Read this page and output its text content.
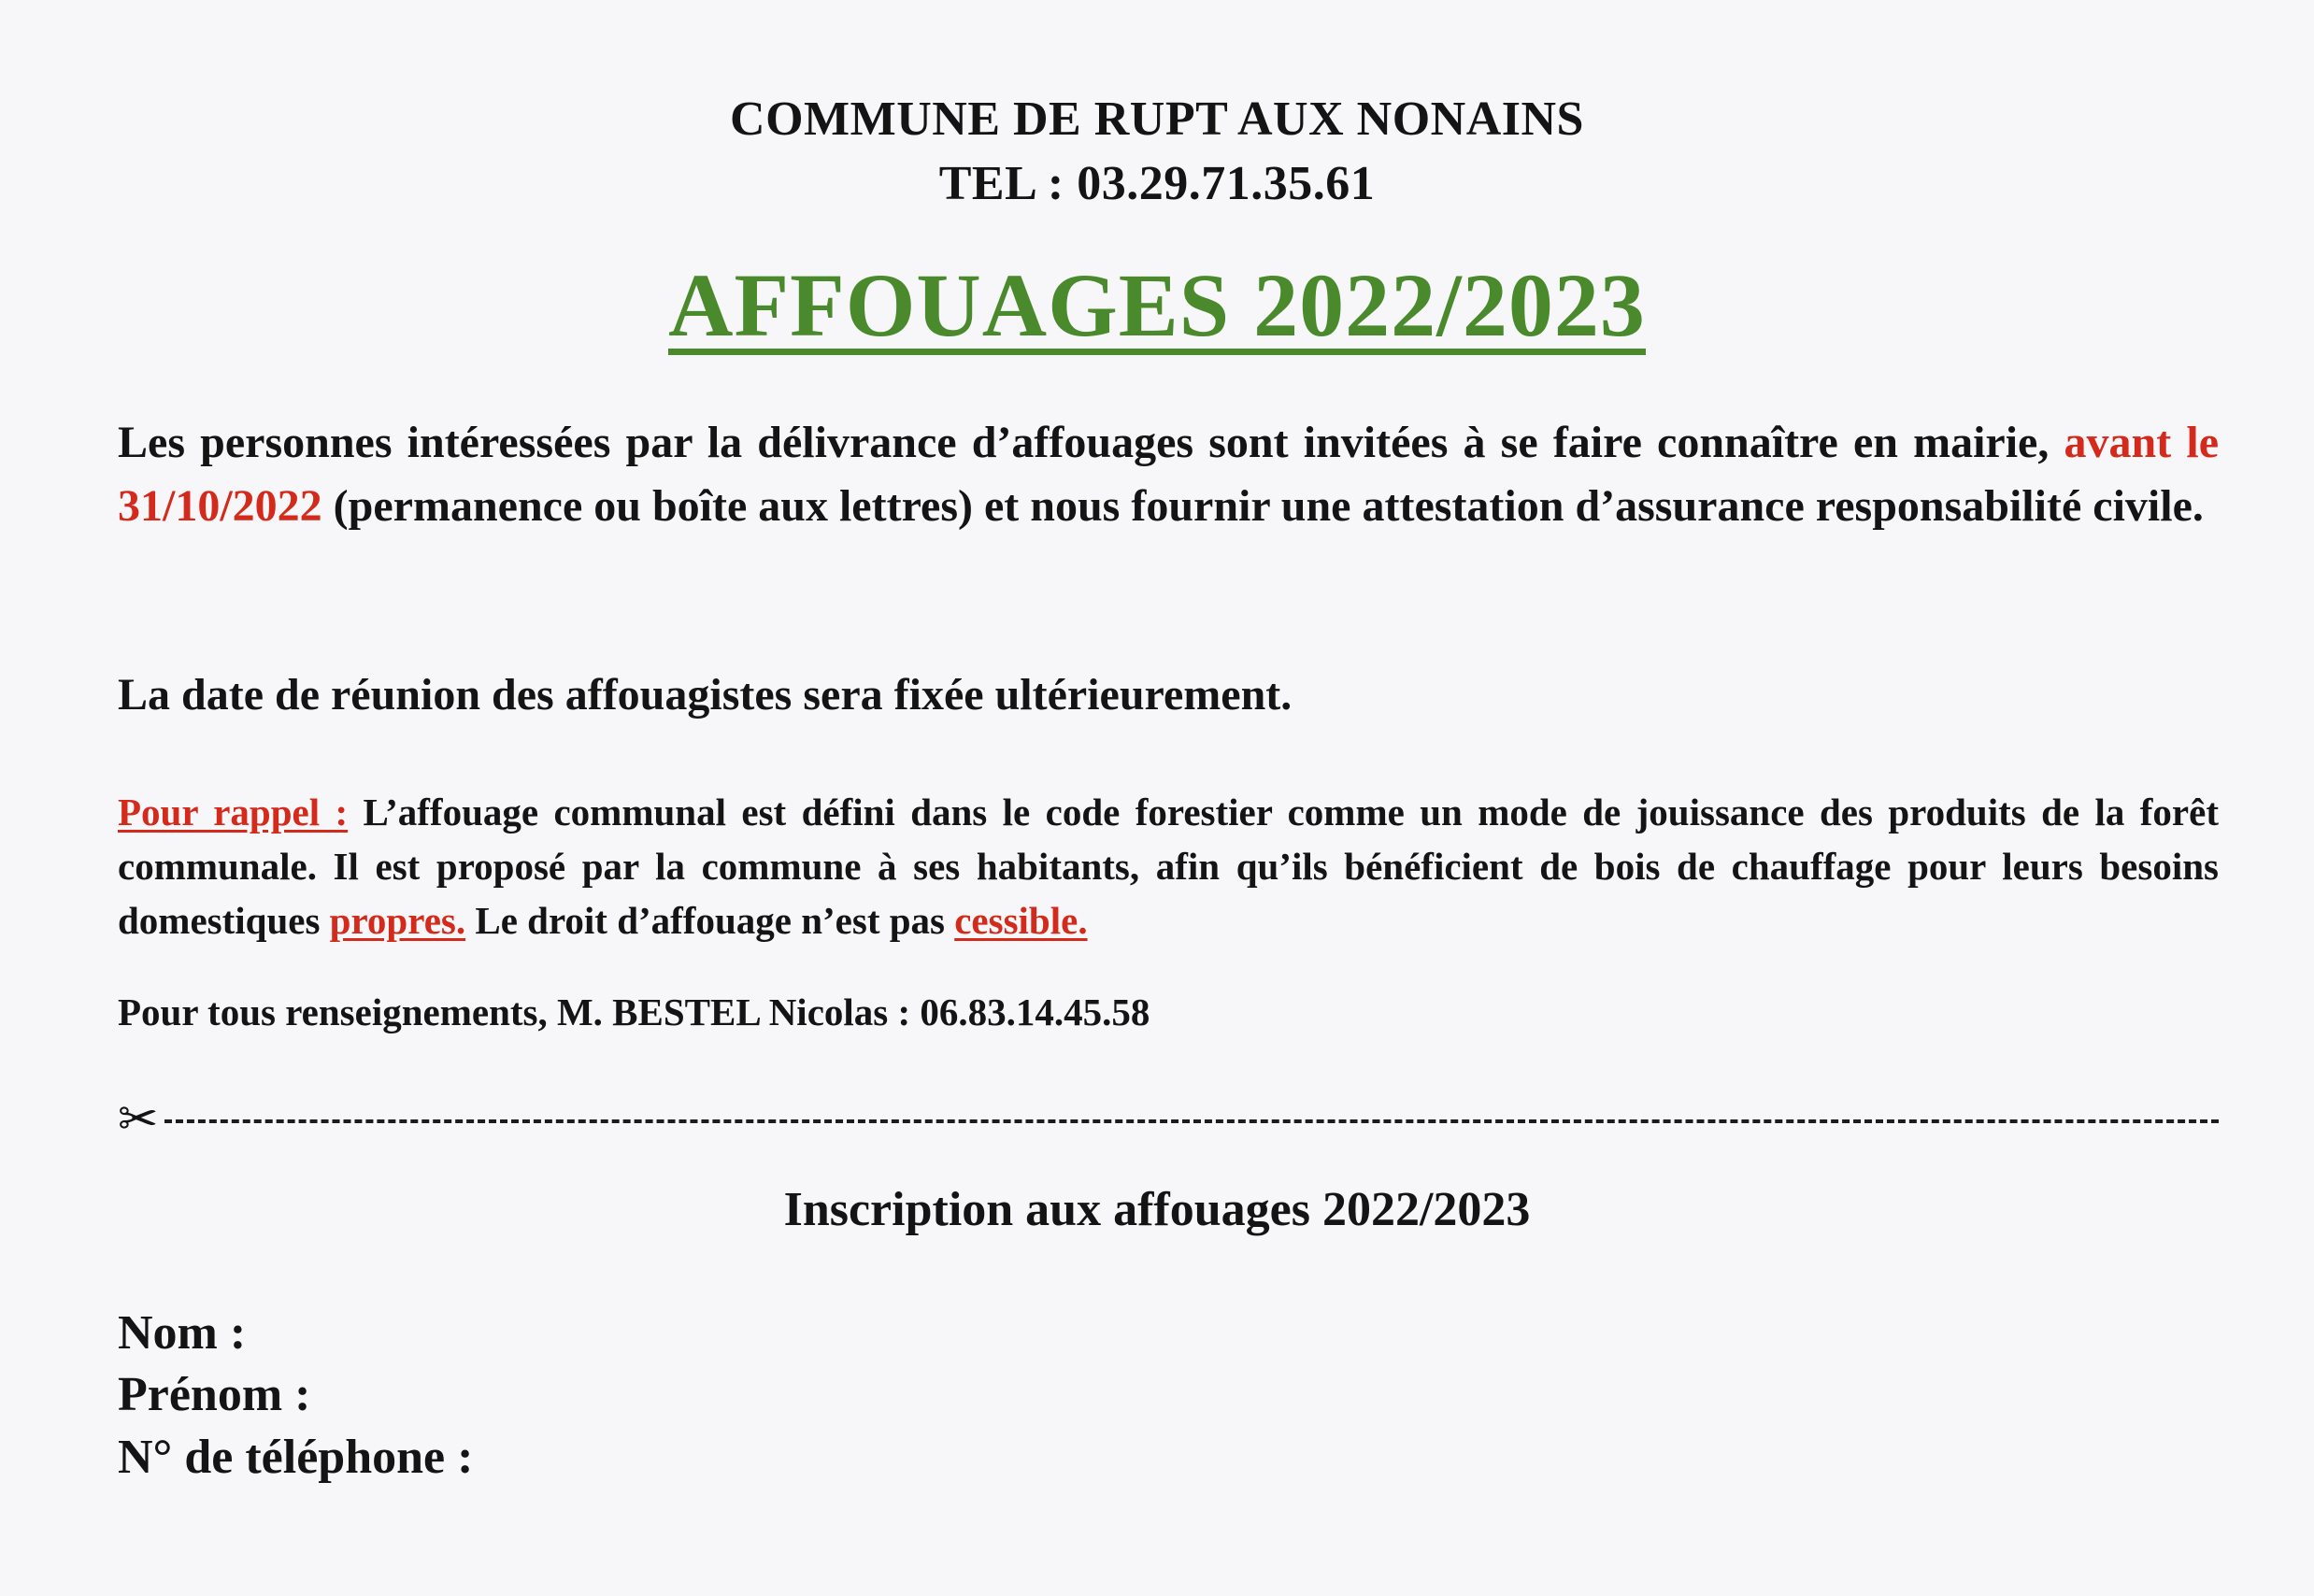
COMMUNE DE RUPT AUX NONAINS
TEL : 03.29.71.35.61
AFFOUAGES 2022/2023
Les personnes intéressées par la délivrance d’affouages sont invitées à se faire connaître en mairie, avant le 31/10/2022 (permanence ou boîte aux lettres) et nous fournir une attestation d’assurance responsabilité civile.
La date de réunion des affouagistes sera fixée ultérieurement.
Pour rappel : L’affouage communal est défini dans le code forestier comme un mode de jouissance des produits de la forêt communale. Il est proposé par la commune à ses habitants, afin qu’ils bénéficient de bois de chauffage pour leurs besoins domestiques propres. Le droit d’affouage n’est pas cessible.
Pour tous renseignements, M. BESTEL Nicolas : 06.83.14.45.58
✂
Inscription aux affouages 2022/2023
Nom :
Prénom :
N° de téléphone :
